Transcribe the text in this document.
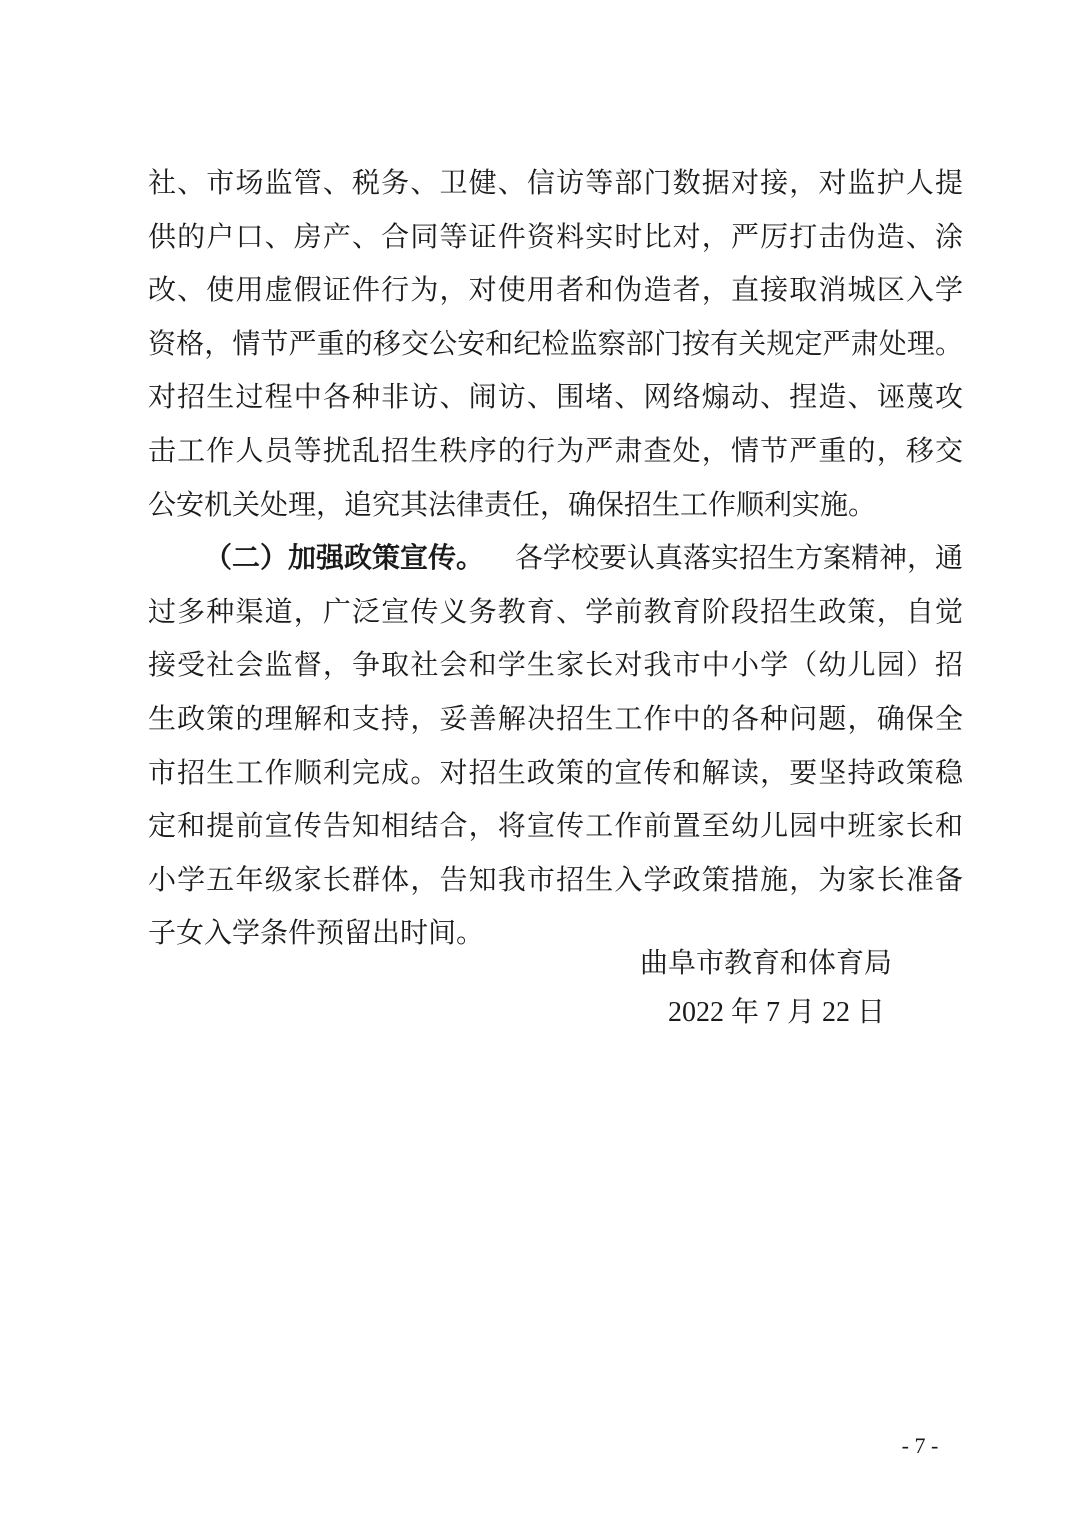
社、市场监管、税务、卫健、信访等部门数据对接，对监护人提
供的户口、房产、合同等证件资料实时比对，严厉打击伪造、涂
改、使用虚假证件行为，对使用者和伪造者，直接取消城区入学
资格，情节严重的移交公安和纪检监察部门按有关规定严肃处理。
对招生过程中各种非访、闹访、围堵、网络煽动、捏造、诬蔑攻
击工作人员等扰乱招生秩序的行为严肃查处，情节严重的，移交
公安机关处理，追究其法律责任，确保招生工作顺利实施。
（二）加强政策宣传。 各学校要认真落实招生方案精神，通
过多种渠道，广泛宣传义务教育、学前教育阶段招生政策，自觉
接受社会监督，争取社会和学生家长对我市中小学（幼儿园）招
生政策的理解和支持，妥善解决招生工作中的各种问题，确保全
市招生工作顺利完成。对招生政策的宣传和解读，要坚持政策稳
定和提前宣传告知相结合，将宣传工作前置至幼儿园中班家长和
小学五年级家长群体，告知我市招生入学政策措施，为家长准备
子女入学条件预留出时间。
曲阜市教育和体育局
2022 年 7 月 22 日
- 7 -
